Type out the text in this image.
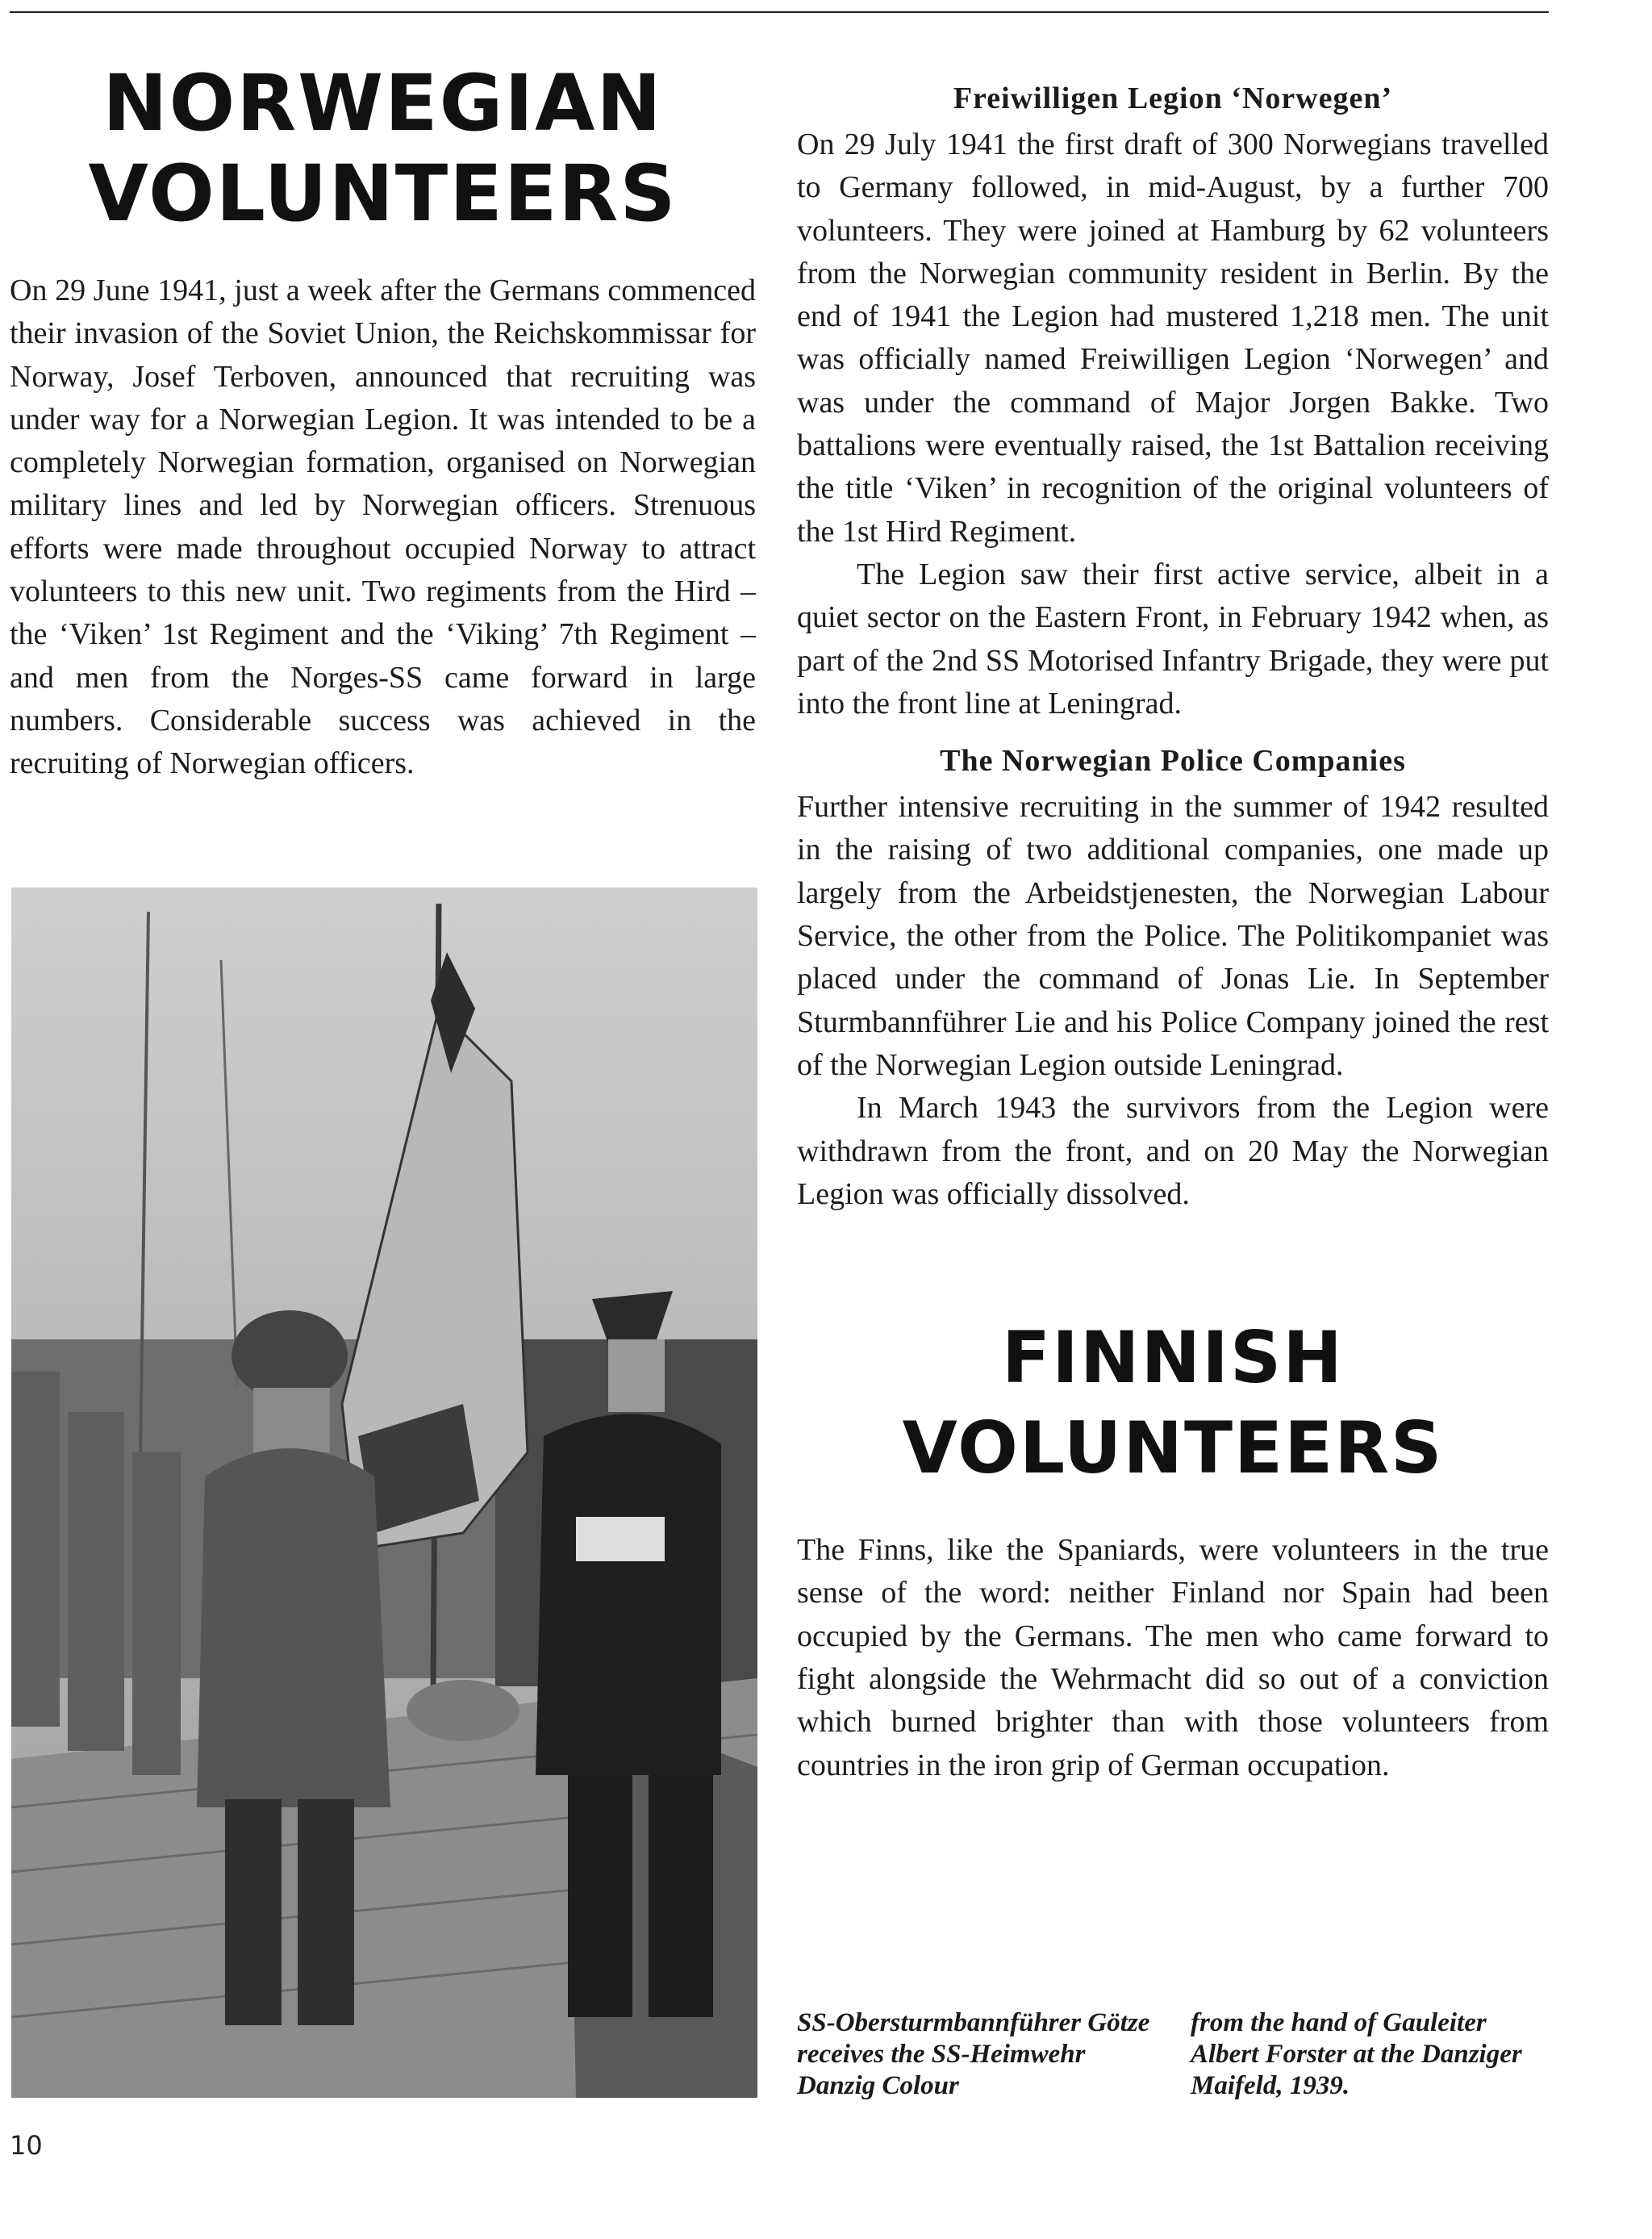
NORWEGIAN
VOLUNTEERS

On 29 June 1941, just a week after the Germans commenced their invasion of the Soviet Union, the Reichskommissar for Norway, Josef Terboven, announced that recruiting was under way for a Norwegian Legion. It was intended to be a completely Norwegian formation, organised on Norwegian military lines and led by Norwegian officers. Strenuous efforts were made throughout occupied Norway to attract volunteers to this new unit. Two regiments from the Hird – the ‘Viken’ 1st Regiment and the ‘Viking’ 7th Regiment – and men from the Norges-SS came forward in large numbers. Considerable success was achieved in the recruiting of Norwegian officers.

Freiwilligen Legion ‘Norwegen’

On 29 July 1941 the first draft of 300 Norwegians travelled to Germany followed, in mid-August, by a further 700 volunteers. They were joined at Hamburg by 62 volunteers from the Norwegian community resident in Berlin. By the end of 1941 the Legion had mustered 1,218 men. The unit was officially named Freiwilligen Legion ‘Norwegen’ and was under the command of Major Jorgen Bakke. Two battalions were eventually raised, the 1st Battalion receiving the title ‘Viken’ in recognition of the original volunteers of the 1st Hird Regiment.

The Legion saw their first active service, albeit in a quiet sector on the Eastern Front, in February 1942 when, as part of the 2nd SS Motorised Infantry Brigade, they were put into the front line at Leningrad.

The Norwegian Police Companies

Further intensive recruiting in the summer of 1942 resulted in the raising of two additional companies, one made up largely from the Arbeidstjenesten, the Norwegian Labour Service, the other from the Police. The Politikompaniet was placed under the command of Jonas Lie. In September Sturmbannführer Lie and his Police Company joined the rest of the Norwegian Legion outside Leningrad.

In March 1943 the survivors from the Legion were withdrawn from the front, and on 20 May the Norwegian Legion was officially dissolved.

FINNISH
VOLUNTEERS

The Finns, like the Spaniards, were volunteers in the true sense of the word: neither Finland nor Spain had been occupied by the Germans. The men who came forward to fight alongside the Wehrmacht did so out of a conviction which burned brighter than with those volunteers from countries in the iron grip of German occupation.

SS-Obersturmbannführer Götze receives the SS-Heimwehr Danzig Colour
from the hand of Gauleiter Albert Forster at the Danziger Maifeld, 1939.
10
